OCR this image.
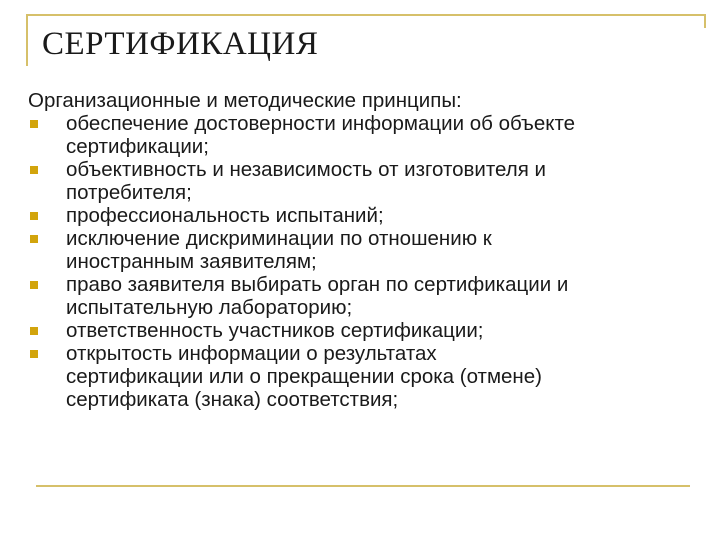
СЕРТИФИКАЦИЯ
Организационные и методические принципы:
обеспечение достоверности информации об объекте
сертификации;
объективность и независимость от изготовителя и
потребителя;
профессиональность испытаний;
исключение дискриминации по отношению к
иностранным заявителям;
право заявителя выбирать орган по сертификации и
испытательную лабораторию;
ответственность участников сертификации;
открытость информации о результатах
сертификации или о прекращении срока (отмене)
сертификата (знака) соответствия;
